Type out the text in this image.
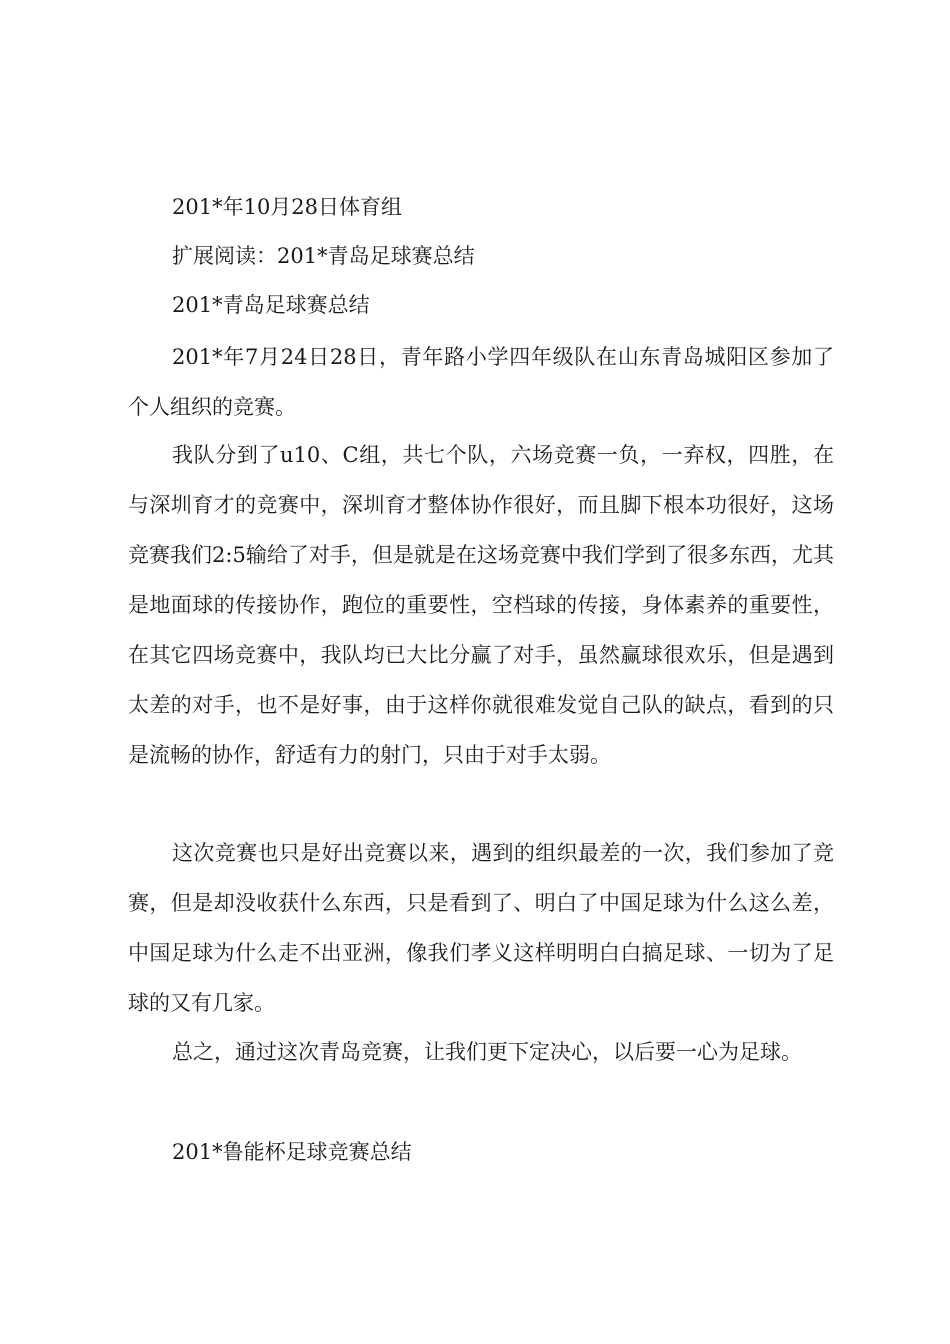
201*年10月28日体育组
扩展阅读：201*青岛足球赛总结
201*青岛足球赛总结

201*年7月24日28日，青年路小学四年级队在山东青岛城阳区参加了个人组织的竞赛。

我队分到了u10、C组，共七个队，六场竞赛一负，一弃权，四胜，在与深圳育才的竞赛中，深圳育才整体协作很好，而且脚下根本功很好，这场竞赛我们2:5输给了对手，但是就是在这场竞赛中我们学到了很多东西，尤其是地面球的传接协作，跑位的重要性，空档球的传接，身体素养的重要性，在其它四场竞赛中，我队均已大比分赢了对手，虽然赢球很欢乐，但是遇到太差的对手，也不是好事，由于这样你就很难发觉自己队的缺点，看到的只是流畅的协作，舒适有力的射门，只由于对手太弱。

这次竞赛也只是好出竞赛以来，遇到的组织最差的一次，我们参加了竞赛，但是却没收获什么东西，只是看到了、明白了中国足球为什么这么差，中国足球为什么走不出亚洲，像我们孝义这样明明白白搞足球、一切为了足球的又有几家。

总之，通过这次青岛竞赛，让我们更下定决心，以后要一心为足球。

201*鲁能杯足球竞赛总结
